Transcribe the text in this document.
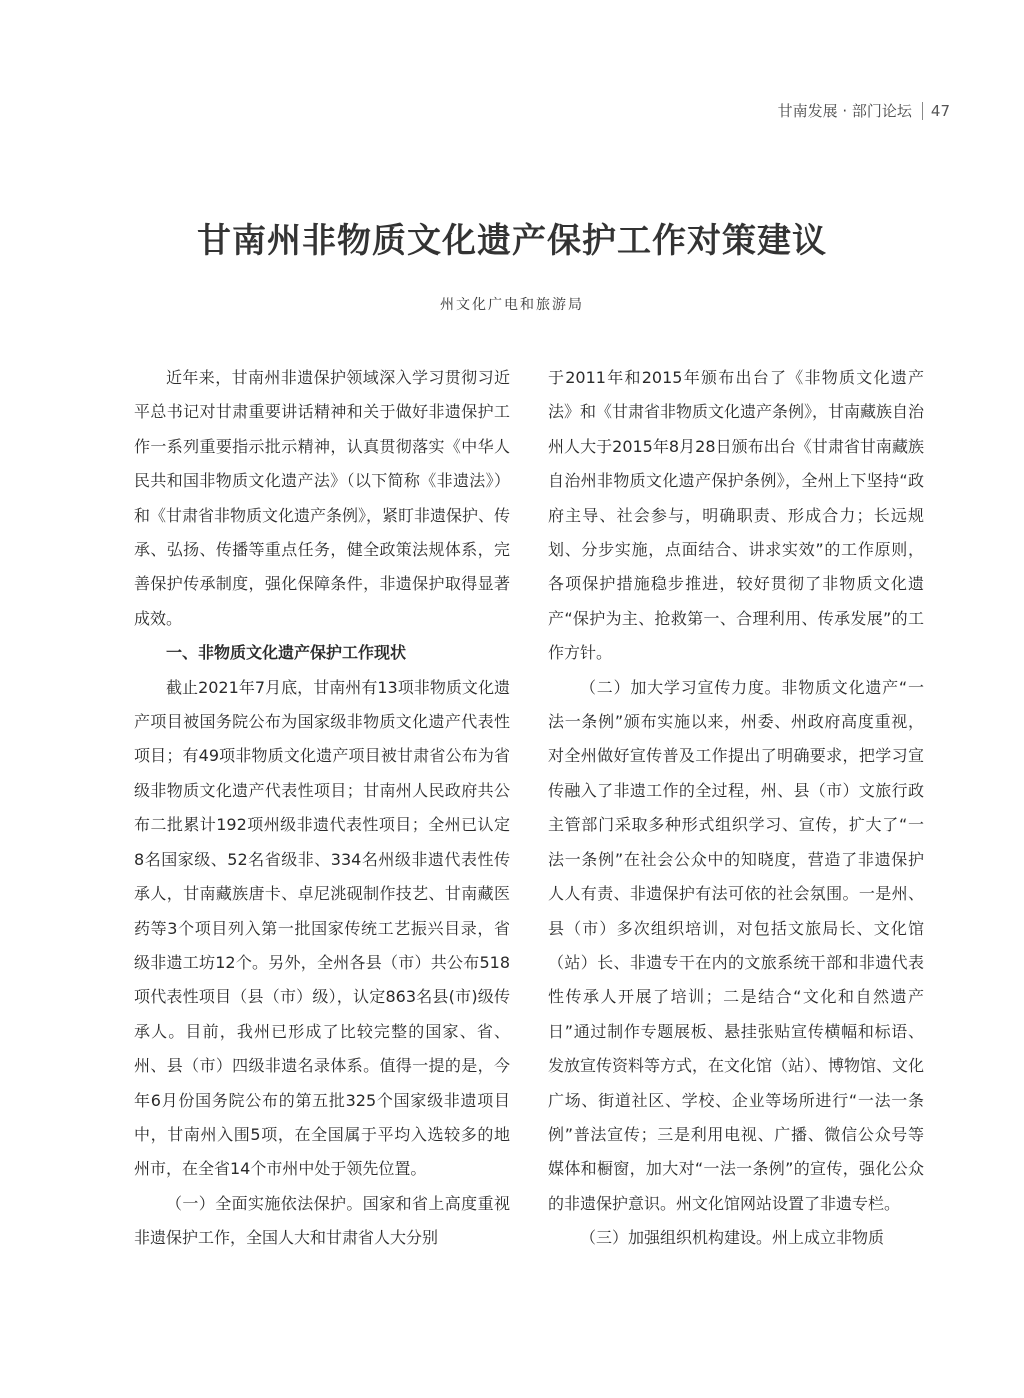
甘南发展 · 部门论坛 47
甘南州非物质文化遗产保护工作对策建议
州文化广电和旅游局

近年来，甘南州非遗保护领域深入学习贯彻习近平总书记对甘肃重要讲话精神和关于做好非遗保护工作一系列重要指示批示精神，认真贯彻落实《中华人民共和国非物质文化遗产法》（以下简称《非遗法》）和《甘肃省非物质文化遗产条例》，紧盯非遗保护、传承、弘扬、传播等重点任务，健全政策法规体系，完善保护传承制度，强化保障条件，非遗保护取得显著成效。

一、非物质文化遗产保护工作现状

截止2021年7月底，甘南州有13项非物质文化遗产项目被国务院公布为国家级非物质文化遗产代表性项目；有49项非物质文化遗产项目被甘肃省公布为省级非物质文化遗产代表性项目；甘南州人民政府共公布二批累计192项州级非遗代表性项目；全州已认定8名国家级、52名省级非、334名州级非遗代表性传承人，甘南藏族唐卡、卓尼洮砚制作技艺、甘南藏医药等3个项目列入第一批国家传统工艺振兴目录，省级非遗工坊12个。另外，全州各县（市）共公布518项代表性项目（县（市）级），认定863名县(市)级传承人。目前，我州已形成了比较完整的国家、省、州、县（市）四级非遗名录体系。值得一提的是，今年6月份国务院公布的第五批325个国家级非遗项目中，甘南州入围5项，在全国属于平均入选较多的地州市，在全省14个市州中处于领先位置。

（一）全面实施依法保护。国家和省上高度重视非遗保护工作，全国人大和甘肃省人大分别

于2011年和2015年颁布出台了《非物质文化遗产法》和《甘肃省非物质文化遗产条例》，甘南藏族自治州人大于2015年8月28日颁布出台《甘肃省甘南藏族自治州非物质文化遗产保护条例》，全州上下坚持“政府主导、社会参与，明确职责、形成合力；长远规划、分步实施，点面结合、讲求实效”的工作原则，各项保护措施稳步推进，较好贯彻了非物质文化遗产“保护为主、抢救第一、合理利用、传承发展”的工作方针。

（二）加大学习宣传力度。非物质文化遗产“一法一条例”颁布实施以来，州委、州政府高度重视，对全州做好宣传普及工作提出了明确要求，把学习宣传融入了非遗工作的全过程，州、县（市）文旅行政主管部门采取多种形式组织学习、宣传，扩大了“一法一条例”在社会公众中的知晓度，营造了非遗保护人人有责、非遗保护有法可依的社会氛围。一是州、县（市）多次组织培训，对包括文旅局长、文化馆（站）长、非遗专干在内的文旅系统干部和非遗代表性传承人开展了培训；二是结合“文化和自然遗产日”通过制作专题展板、悬挂张贴宣传横幅和标语、发放宣传资料等方式，在文化馆（站）、博物馆、文化广场、街道社区、学校、企业等场所进行“一法一条例”普法宣传；三是利用电视、广播、微信公众号等媒体和橱窗，加大对“一法一条例”的宣传，强化公众的非遗保护意识。州文化馆网站设置了非遗专栏。

（三）加强组织机构建设。州上成立非物质
